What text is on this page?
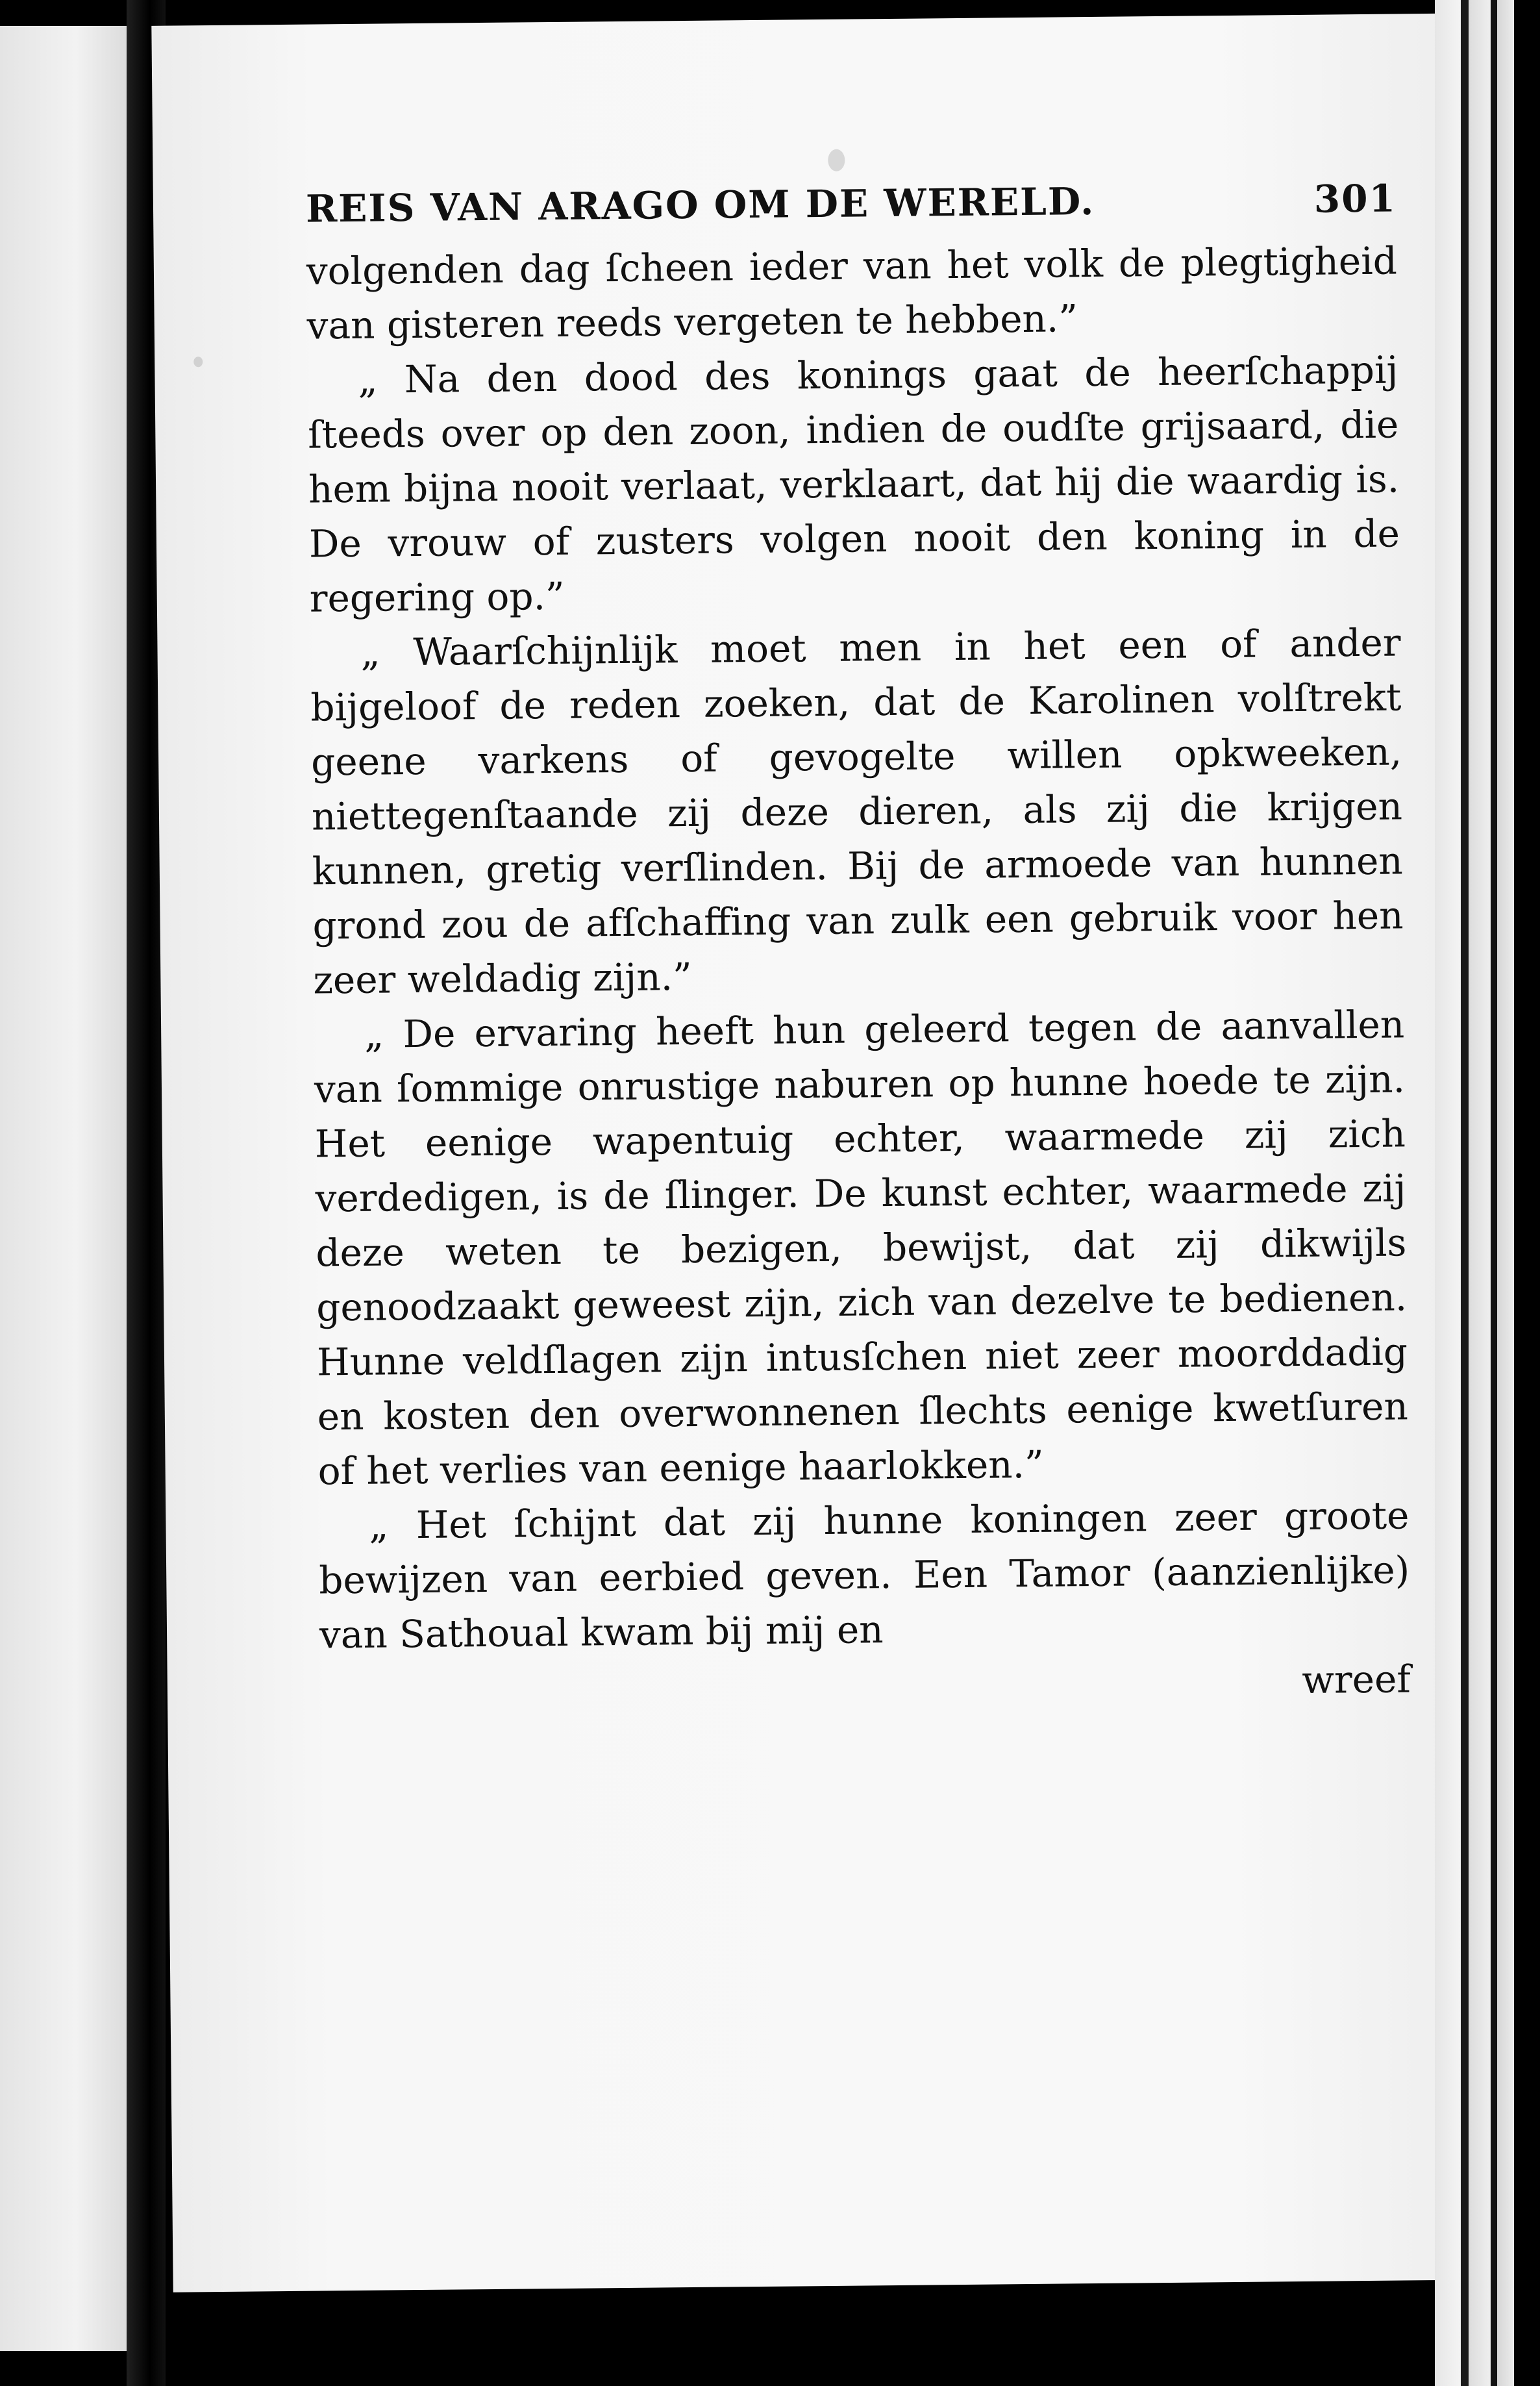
REIS VAN ARAGO OM DE WERELD.	301

volgenden dag ſcheen ieder van het volk de plegtigheid van gisteren reeds vergeten te hebben.”

„ Na den dood des konings gaat de heerſchappij ſteeds over op den zoon, indien de oudſte grijsaard, die hem bijna nooit verlaat, verklaart, dat hij die waardig is. De vrouw of zusters volgen nooit den koning in de regering op.”

„ Waarſchijnlijk moet men in het een of ander bijgeloof de reden zoeken, dat de Karolinen volſtrekt geene varkens of gevogelte willen opkweeken, niettegenſtaande zij deze dieren, als zij die krijgen kunnen, gretig verſlinden. Bij de armoede van hunnen grond zou de afſchaffing van zulk een gebruik voor hen zeer weldadig zijn.”

„ De ervaring heeft hun geleerd tegen de aanvallen van ſommige onrustige naburen op hunne hoede te zijn. Het eenige wapentuig echter, waarmede zij zich verdedigen, is de ſlinger. De kunst echter, waarmede zij deze weten te bezigen, bewijst, dat zij dikwijls genoodzaakt geweest zijn, zich van dezelve te bedienen. Hunne veldſlagen zijn intusſchen niet zeer moorddadig en kosten den overwonnenen ſlechts eenige kwetſuren of het verlies van eenige haarlokken.”

„ Het ſchijnt dat zij hunne koningen zeer groote bewijzen van eerbied geven. Een Tamor (aanzienlijke) van Sathoual kwam bij mij en

wreef
